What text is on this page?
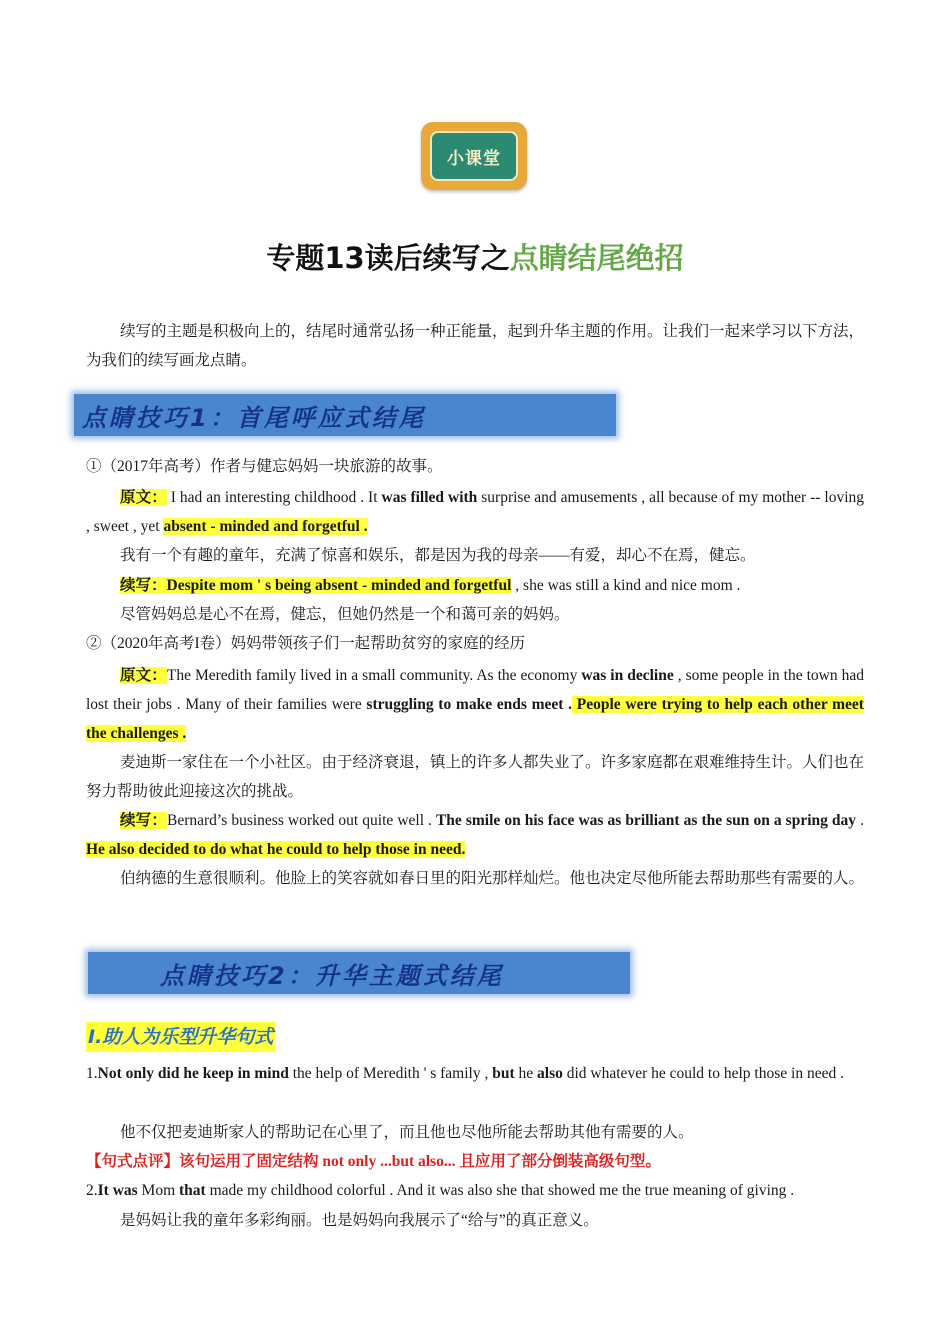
小课堂
专题13读后续写之点睛结尾绝招
续写的主题是积极向上的，结尾时通常弘扬一种正能量，起到升华主题的作用。让我们一起来学习以下方法，为我们的续写画龙点睛。
点睛技巧1：首尾呼应式结尾
①（2017年高考）作者与健忘妈妈一块旅游的故事。
原文： I had an interesting childhood . It was filled with surprise and amusements , all because of my mother -- loving , sweet , yet absent - minded and forgetful .
我有一个有趣的童年，充满了惊喜和娱乐，都是因为我的母亲——有爱，却心不在焉，健忘。
续写：Despite mom ' s being absent - minded and forgetful , she was still a kind and nice mom .
尽管妈妈总是心不在焉，健忘，但她仍然是一个和蔼可亲的妈妈。
②（2020年高考I卷）妈妈带领孩子们一起帮助贫穷的家庭的经历
原文：The Meredith family lived in a small community. As the economy was in decline , some people in the town had lost their jobs . Many of their families were struggling to make ends meet . People were trying to help each other meet the challenges .
麦迪斯一家住在一个小社区。由于经济衰退，镇上的许多人都失业了。许多家庭都在艰难维持生计。人们也在努力帮助彼此迎接这次的挑战。
续写：Bernard’s business worked out quite well . The smile on his face was as brilliant as the sun on a spring day . He also decided to do what he could to help those in need.
伯纳德的生意很顺利。他脸上的笑容就如春日里的阳光那样灿烂。他也决定尽他所能去帮助那些有需要的人。
点睛技巧2：升华主题式结尾
I.助人为乐型升华句式
1.Not only did he keep in mind the help of Meredith ' s family , but he also did whatever he could to help those in need .
他不仅把麦迪斯家人的帮助记在心里了，而且他也尽他所能去帮助其他有需要的人。
【句式点评】该句运用了固定结构 not only ...but also... 且应用了部分倒装高级句型。
2.It was Mom that made my childhood colorful . And it was also she that showed me the true meaning of giving .
是妈妈让我的童年多彩绚丽。也是妈妈向我展示了“给与”的真正意义。
